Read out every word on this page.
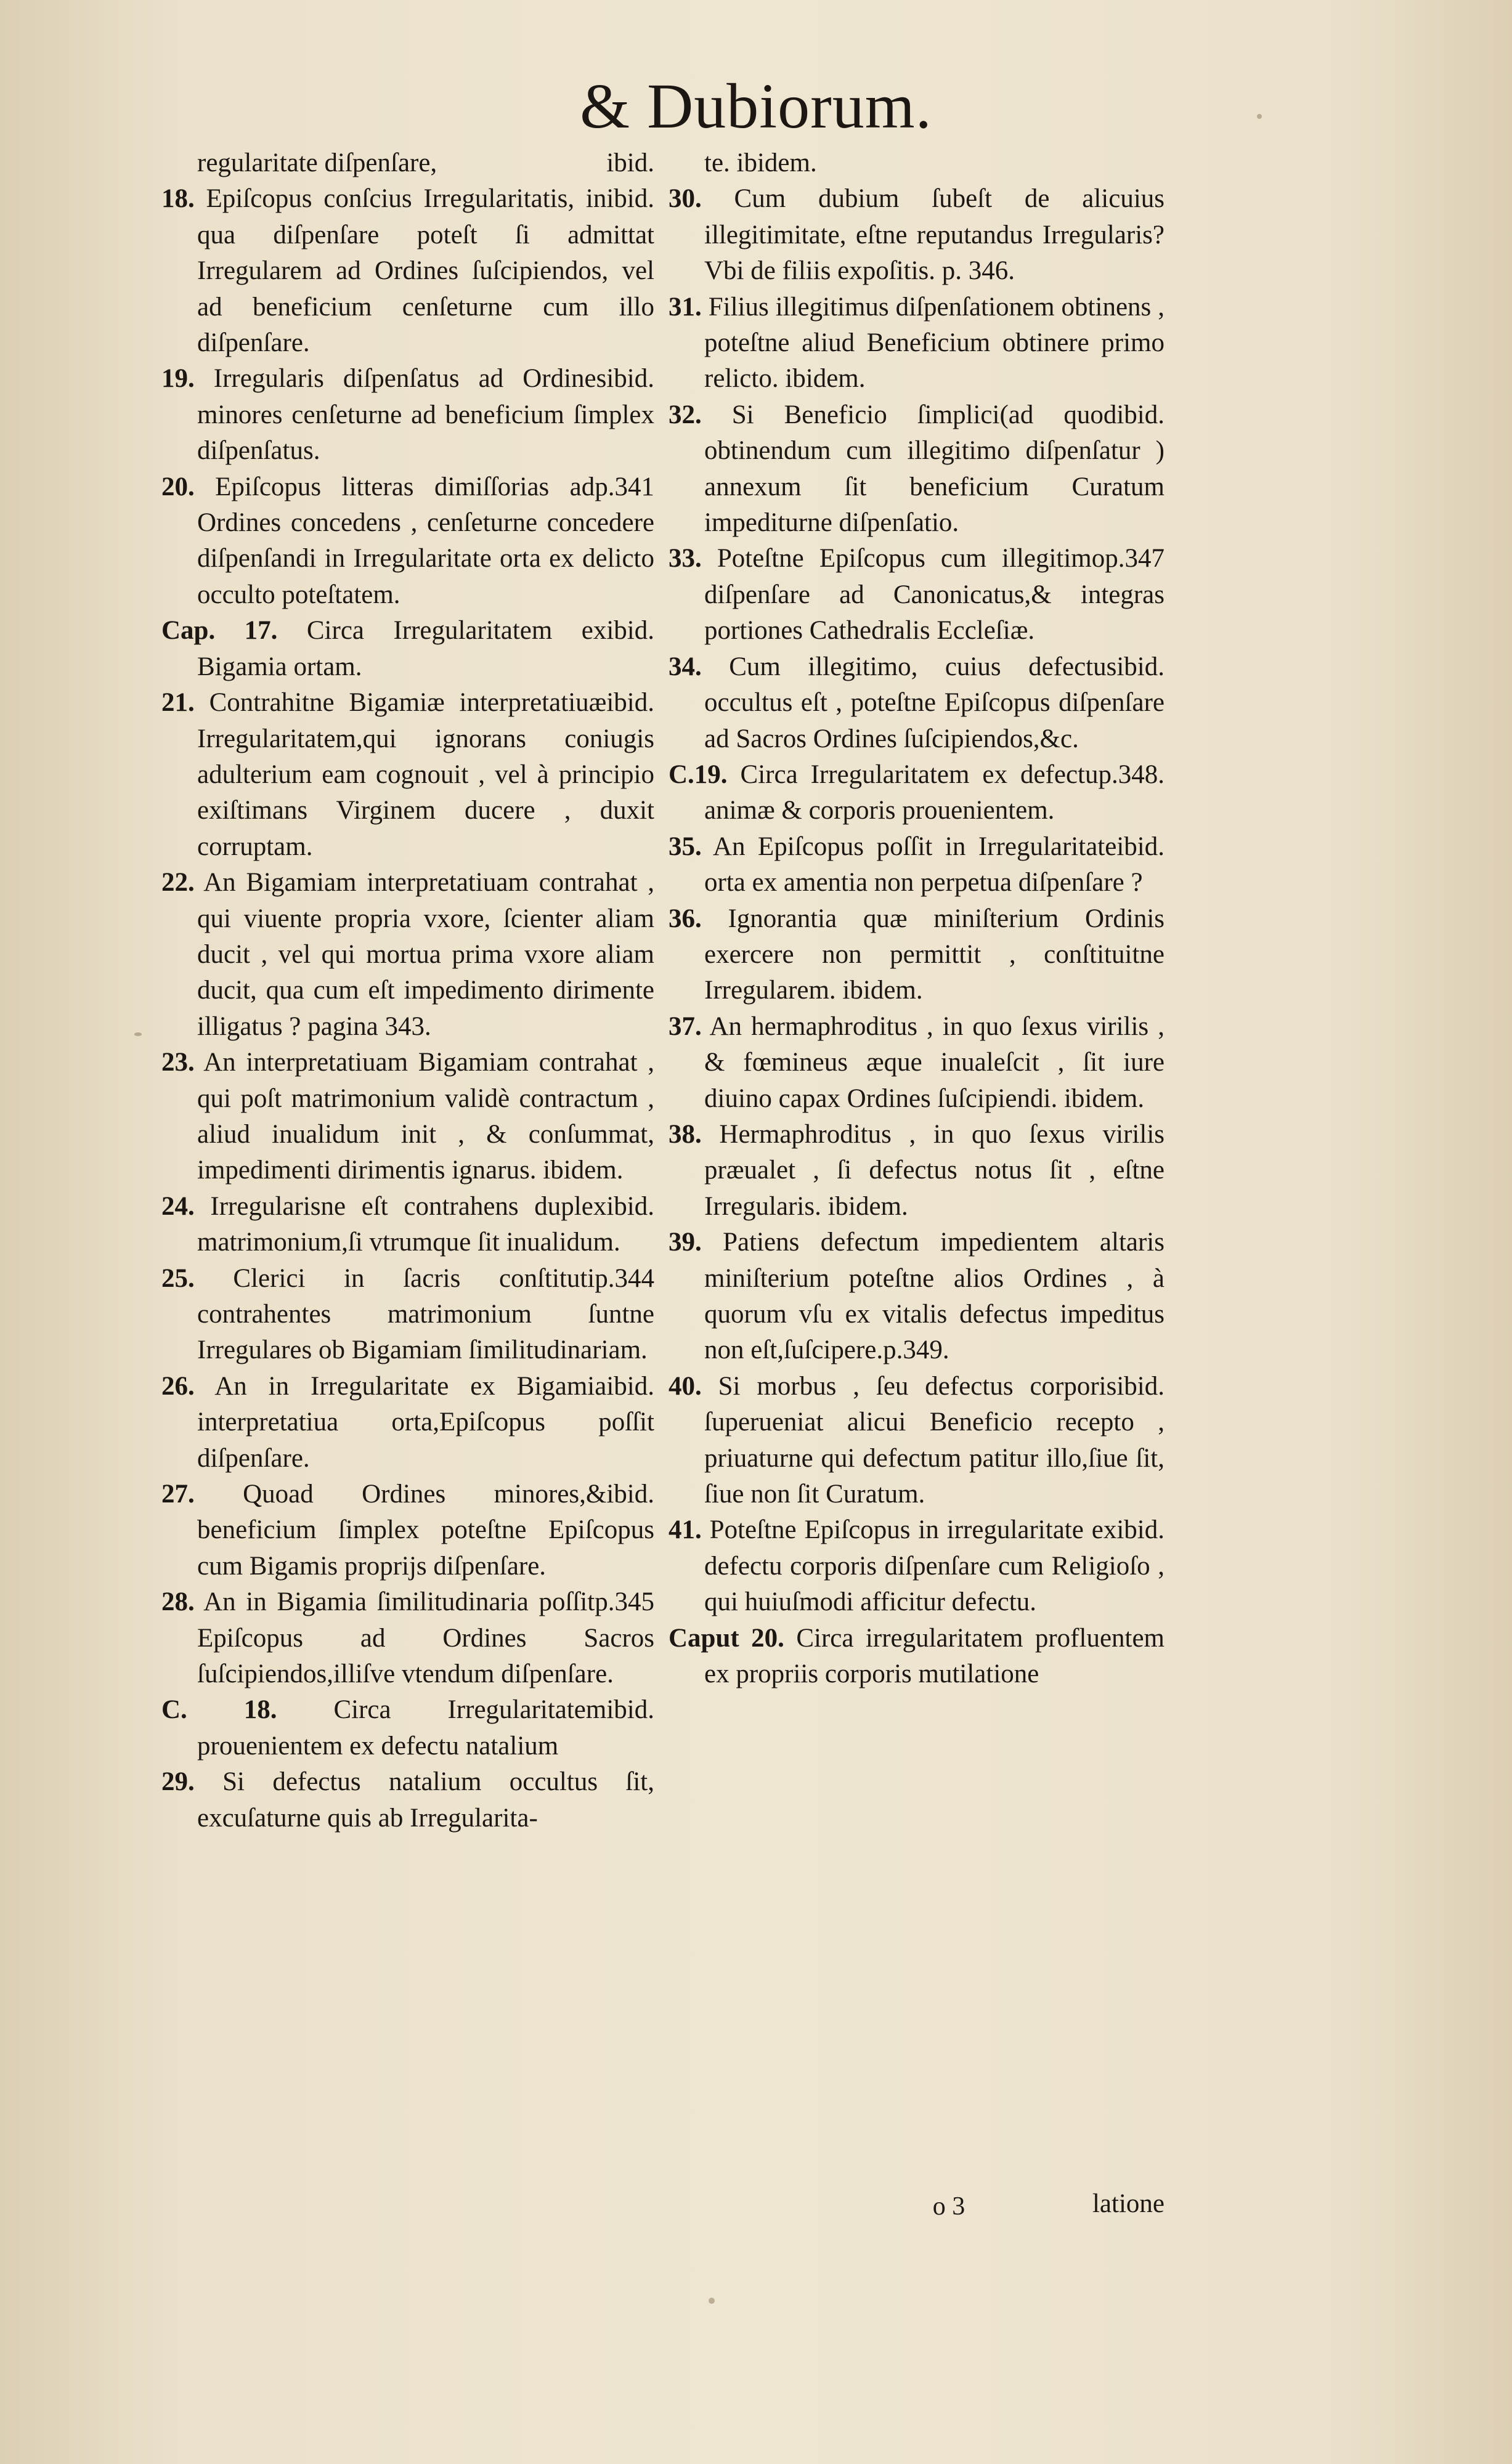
& Dubiorum.
ibid.
regularitate diſpenſare,
ibid.
18. Epiſcopus conſcius Irregularitatis, in qua diſpenſare poteſt ſi admittat Irregularem ad Ordines ſuſcipiendos, vel ad beneficium cenſeturne cum illo diſpenſare.
ibid.
19. Irregularis diſpenſatus ad Ordines minores cenſeturne ad beneficium ſimplex diſpenſatus.
p.341
20. Epiſcopus litteras dimiſſorias ad Ordines concedens , cenſeturne concedere diſpenſandi in Irregularitate orta ex delicto occulto poteſtatem.
ibid.
Cap. 17. Circa Irregularitatem ex Bigamia ortam.
ibid.
21. Contrahitne Bigamiæ interpretatiuæ Irregularitatem,qui ignorans coniugis adulterium eam cognouit , vel à principio exiſtimans Virginem ducere , duxit corruptam.
22. An Bigamiam interpretatiuam contrahat , qui viuente propria vxore, ſcienter aliam ducit , vel qui mortua prima vxore aliam ducit, qua cum eſt impedimento dirimente illigatus ? pagina 343.
23. An interpretatiuam Bigamiam contrahat , qui poſt matrimonium validè contractum , aliud inualidum init , & conſummat, impedimenti dirimentis ignarus. ibidem.
ibid.
24. Irregularisne eſt contrahens duplex matrimonium,ſi vtrumque ſit inualidum.
p.344
25. Clerici in ſacris conſtituti contrahentes matrimonium ſuntne Irregulares ob Bigamiam ſimilitudinariam.
ibid.
26. An in Irregularitate ex Bigamia interpretatiua orta,Epiſcopus poſſit diſpenſare.
ibid.
27. Quoad Ordines minores,& beneficium ſimplex poteſtne Epiſcopus cum Bigamis proprijs diſpenſare.
p.345
28. An in Bigamia ſimilitudinaria poſſit Epiſcopus ad Ordines Sacros ſuſcipiendos,illiſve vtendum diſpenſare.
ibid.
C. 18. Circa Irregularitatem prouenientem ex defectu natalium
29. Si defectus natalium occultus ſit, excuſaturne quis ab Irregularita-
te. ibidem.
30. Cum dubium ſubeſt de alicuius illegitimitate, eſtne reputandus Irregularis? Vbi de filiis expoſitis. p. 346.
31. Filius illegitimus diſpenſationem obtinens , poteſtne aliud Beneficium obtinere primo relicto. ibidem.
ibid.
32. Si Beneficio ſimplici(ad quod obtinendum cum illegitimo diſpenſatur ) annexum ſit beneficium Curatum impediturne diſpenſatio.
p.347
33. Poteſtne Epiſcopus cum illegitimo diſpenſare ad Canonicatus,& integras portiones Cathedralis Eccleſiæ.
ibid.
34. Cum illegitimo, cuius defectus occultus eſt , poteſtne Epiſcopus diſpenſare ad Sacros Ordines ſuſcipiendos,&c.
p.348.
C.19. Circa Irregularitatem ex defectu animæ & corporis prouenientem.
ibid.
35. An Epiſcopus poſſit in Irregularitate orta ex amentia non perpetua diſpenſare ?
36. Ignorantia quæ miniſterium Ordinis exercere non permittit , conſtituitne Irregularem. ibidem.
37. An hermaphroditus , in quo ſexus virilis , & fœmineus æque inualeſcit , ſit iure diuino capax Ordines ſuſcipiendi. ibidem.
38. Hermaphroditus , in quo ſexus virilis præualet , ſi defectus notus ſit , eſtne Irregularis. ibidem.
39. Patiens defectum impedientem altaris miniſterium poteſtne alios Ordines , à quorum vſu ex vitalis defectus impeditus non eſt,ſuſcipere.p.349.
ibid.
40. Si morbus , ſeu defectus corporis ſuperueniat alicui Beneficio recepto , priuaturne qui defectum patitur illo,ſiue ſit, ſiue non ſit Curatum.
ibid.
41. Poteſtne Epiſcopus in irregularitate ex defectu corporis diſpenſare cum Religioſo , qui huiuſmodi afficitur defectu.
Caput 20. Circa irregularitatem profluentem ex propriis corporis mutilatione
o 3	latione
